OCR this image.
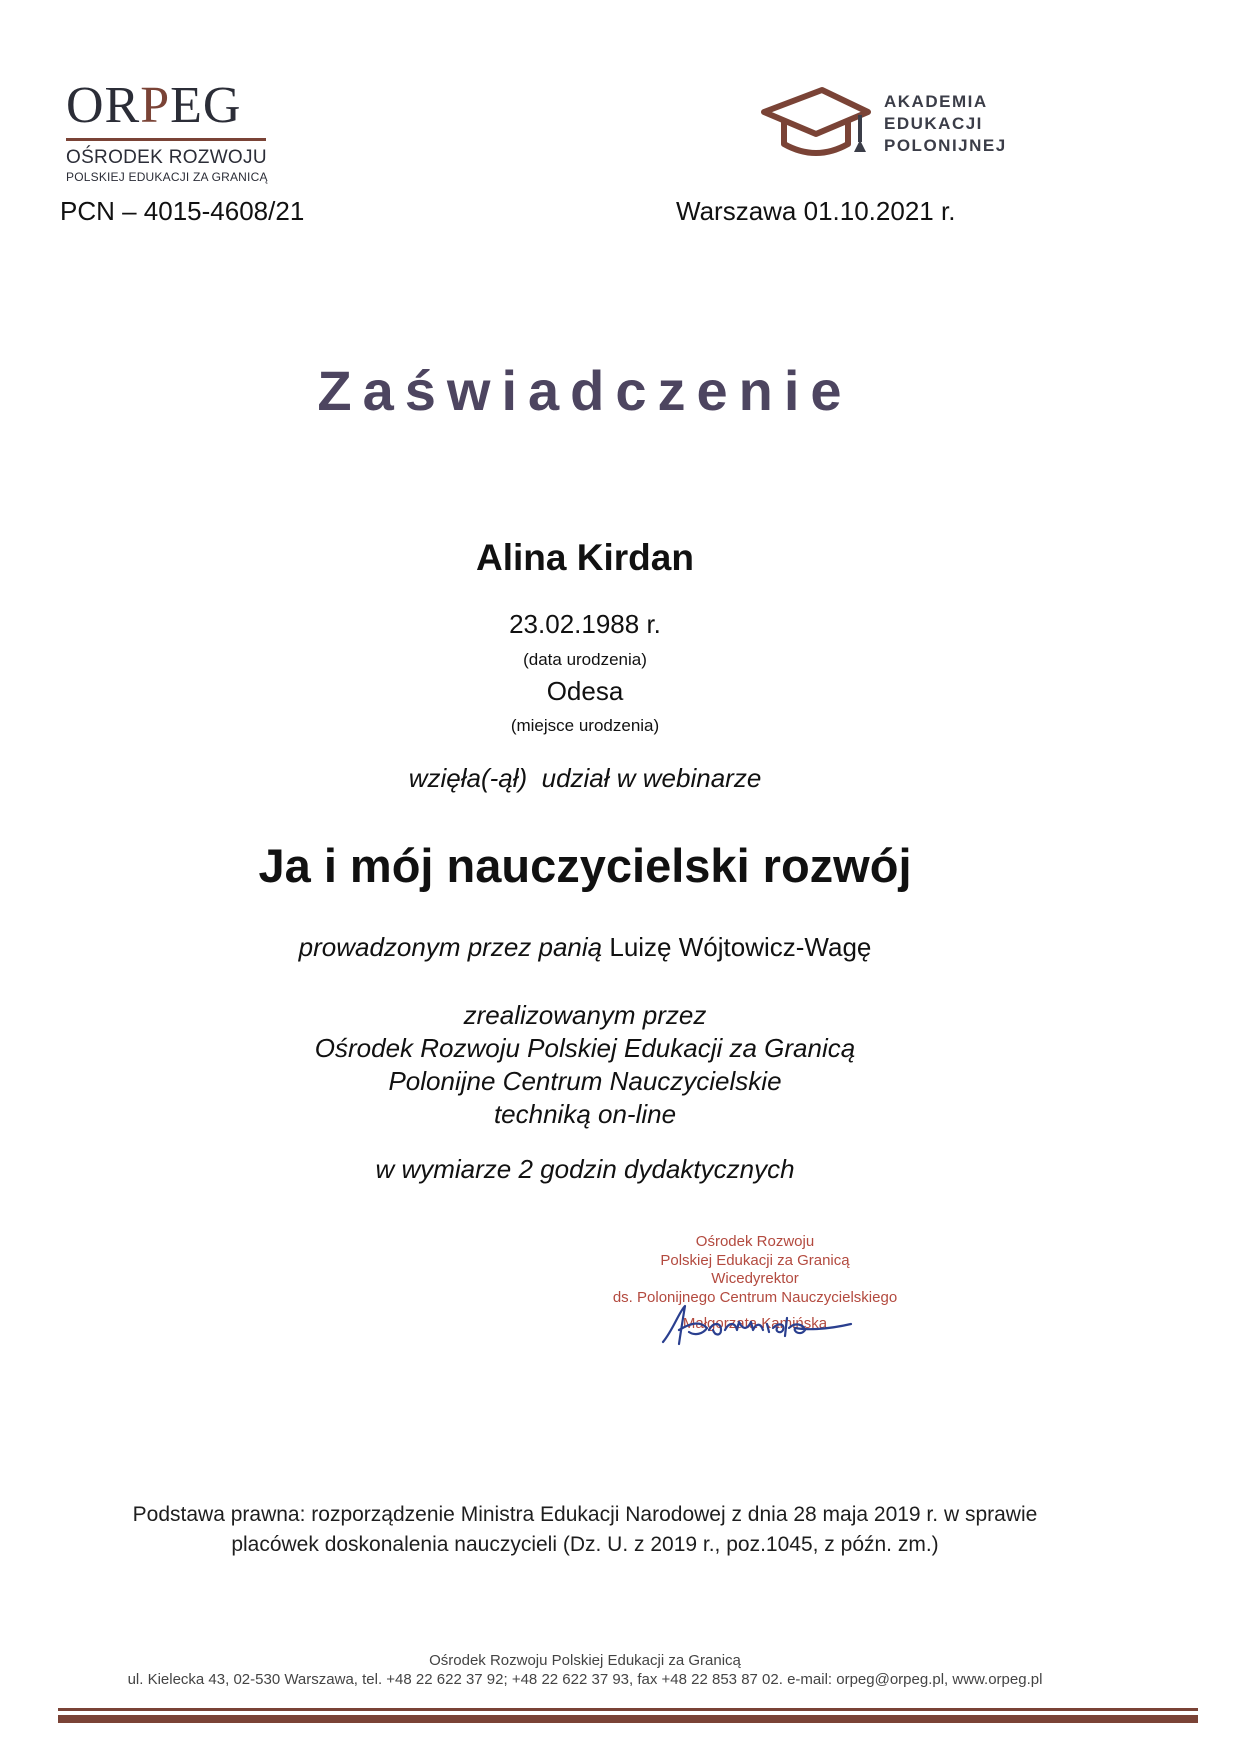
ORPEG
OŚRODEK ROZWOJU
POLSKIEJ EDUKACJI ZA GRANICĄ
AKADEMIA
EDUKACJI
POLONIJNEJ
PCN – 4015-4608/21	Warszawa 01.10.2021 r.
Zaświadczenie
Alina Kirdan
23.02.1988 r.
(data urodzenia)
Odesa
(miejsce urodzenia)
wzięła(-ął)  udział w webinarze
Ja i mój nauczycielski rozwój
prowadzonym przez panią Luizę Wójtowicz-Wagę
zrealizowanym przez
Ośrodek Rozwoju Polskiej Edukacji za Granicą
Polonijne Centrum Nauczycielskie
techniką on-line
w wymiarze 2 godzin dydaktycznych
Ośrodek Rozwoju
Polskiej Edukacji za Granicą
Wicedyrektor
ds. Polonijnego Centrum Nauczycielskiego
Małgorzata Kamińska
Podstawa prawna: rozporządzenie Ministra Edukacji Narodowej z dnia 28 maja 2019 r. w sprawie
placówek doskonalenia nauczycieli (Dz. U. z 2019 r., poz.1045, z późn. zm.)
Ośrodek Rozwoju Polskiej Edukacji za Granicą
ul. Kielecka 43, 02-530 Warszawa, tel. +48 22 622 37 92; +48 22 622 37 93, fax +48 22 853 87 02. e-mail: orpeg@orpeg.pl, www.orpeg.pl
